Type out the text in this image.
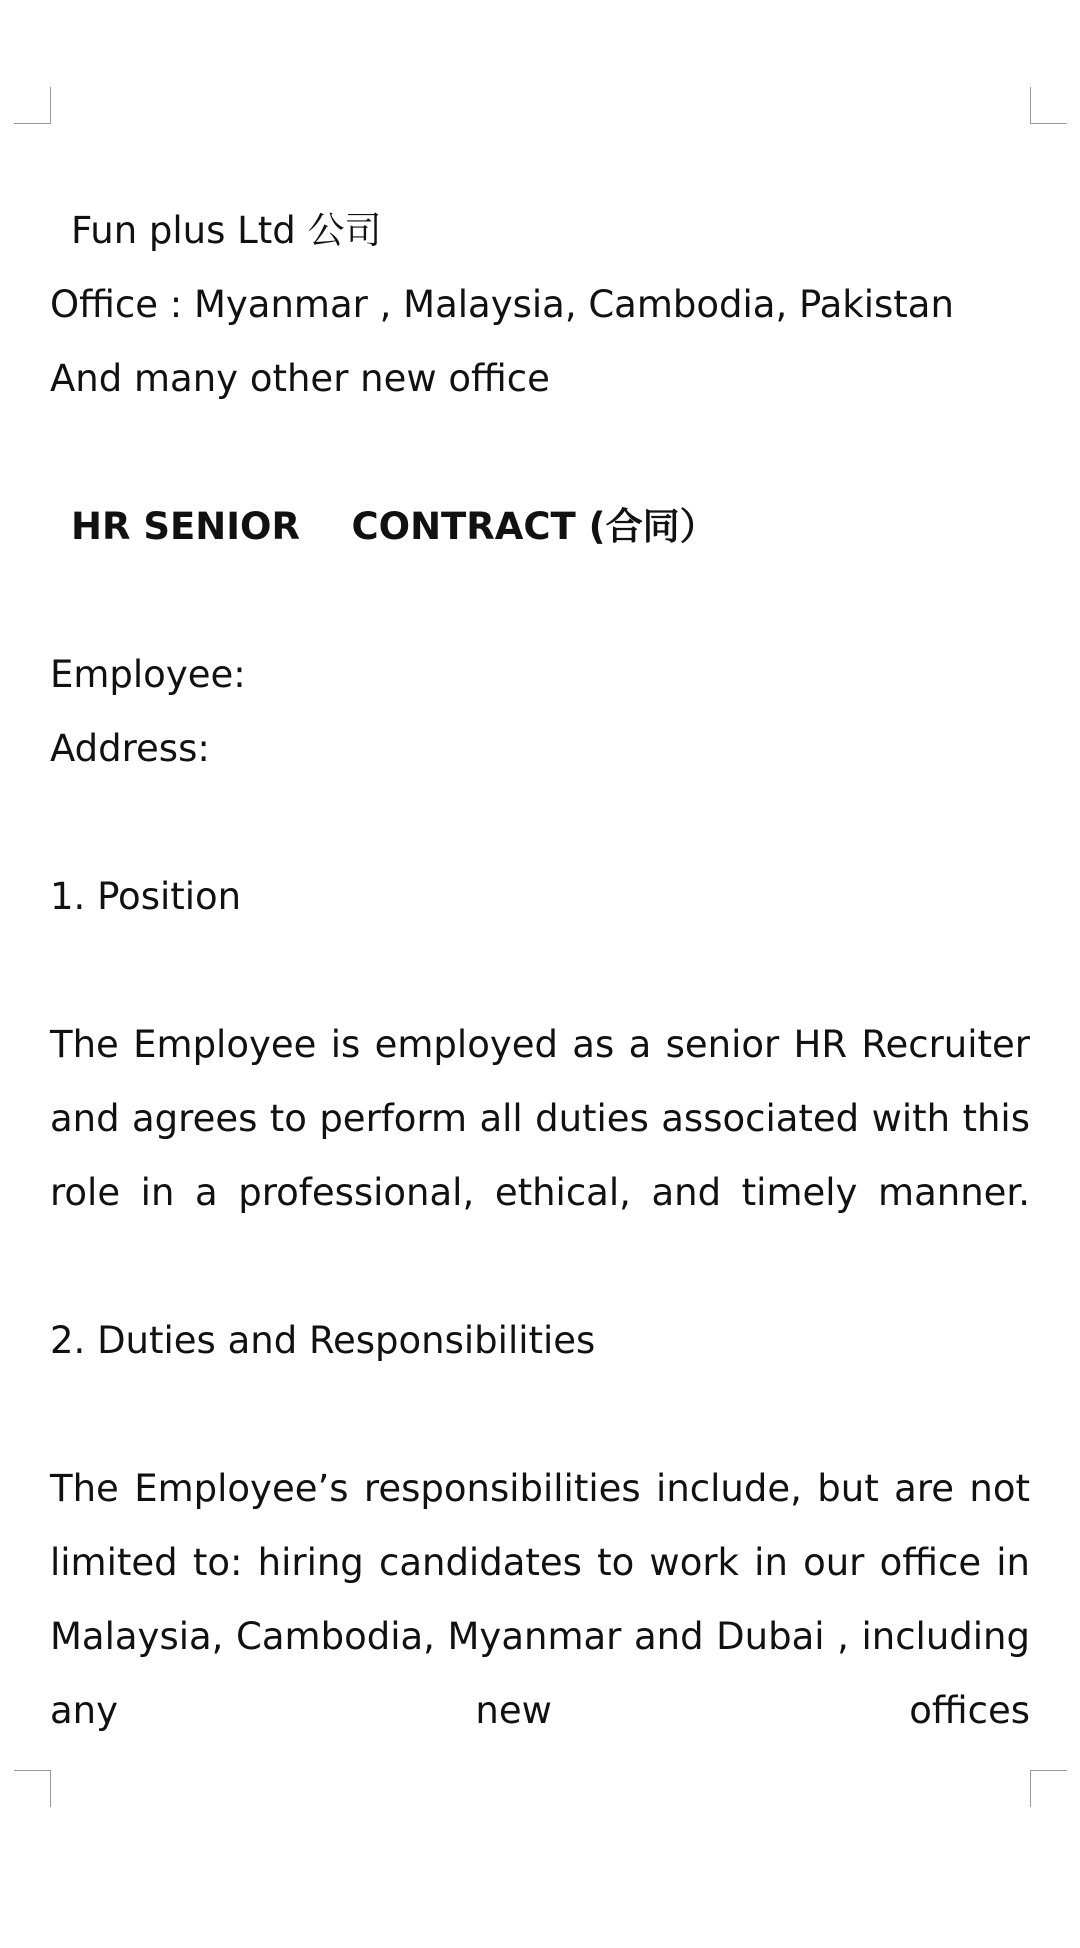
Fun plus Ltd 公司
Office : Myanmar , Malaysia, Cambodia, Pakistan
And many other new office
HR SENIOR    CONTRACT (合同）
Employee:
Address:
1. Position
The Employee is employed as a senior HR Recruiter and agrees to perform all duties associated with this role in a professional, ethical, and timely manner.
2. Duties and Responsibilities
The Employee’s responsibilities include, but are not limited to: hiring candidates to work in our office in Malaysia, Cambodia, Myanmar and Dubai , including any new offices
